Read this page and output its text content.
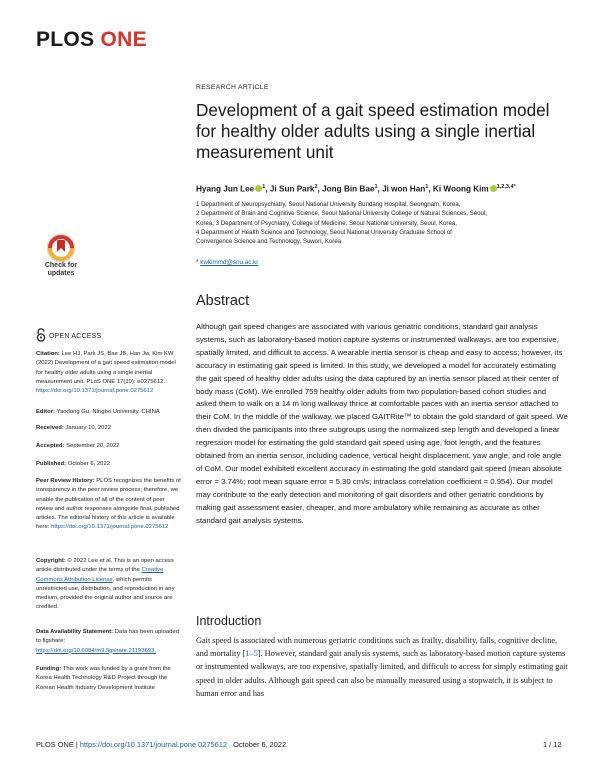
PLOS ONE
RESEARCH ARTICLE
Development of a gait speed estimation model for healthy older adults using a single inertial measurement unit
Hyang Jun Lee $^1$, Ji Sun Park$^2$, Jong Bin Bae$^1$, Ji won Han$^1$, Ki Woong Kim $^{1,2,3,4*}$
1 Department of Neuropsychiatry, Seoul National University Bundang Hospital, Seongnam, Korea,
2 Department of Brain and Cognitive Science, Seoul National University College of Natural Sciences, Seoul,
Korea, 3 Department of Psychiatry, College of Medicine, Seoul National University, Seoul, Korea,
4 Department of Health Science and Technology, Seoul National University Graduate School of
Convergence Science and Technology, Suwon, Korea
* kwkimmd@snu.ac.kr
Check for
updates
OPEN ACCESS
Citation: Lee HJ, Park JS, Bae JB, Han Jw, Kim KW (2022) Development of a gait speed estimation model for healthy older adults using a single inertial measurement unit. PLoS ONE 17(10): e0275612. https://doi.org/10.1371/journal.pone.0275612
Editor: Yaodong Gu, Ningbo University, CHINA
Received: January 10, 2022
Accepted: September 20, 2022
Published: October 6, 2022
Peer Review History: PLOS recognizes the benefits of transparency in the peer review process; therefore, we enable the publication of all of the content of peer review and author responses alongside final, published articles. The editorial history of this article is available here: https://doi.org/10.1371/journal.pone.0275612
Copyright: © 2022 Lee et al. This is an open access article distributed under the terms of the Creative Commons Attribution License, which permits unrestricted use, distribution, and reproduction in any medium, provided the original author and source are credited.
Data Availability Statement: Data has been uploaded to figshare: https://doi.org/10.6084/m9.figshare.21193693.
Funding: This work was funded by a grant from the Korea Health Technology R&D Project through the Korean Health Industry Development Institute
Abstract
Although gait speed changes are associated with various geriatric conditions, standard gait analysis systems, such as laboratory-based motion capture systems or instrumented walkways, are too expensive, spatially limited, and difficult to access. A wearable inertia sensor is cheap and easy to access; however, its accuracy in estimating gait speed is limited. In this study, we developed a model for accurately estimating the gait speed of healthy older adults using the data captured by an inertia sensor placed at their center of body mass (CoM). We enrolled 759 healthy older adults from two population-based cohort studies and asked them to walk on a 14 m long walkway thrice at comfortable paces with an inertia sensor attached to their CoM. In the middle of the walkway, we placed GAITRite™ to obtain the gold standard of gait speed. We then divided the participants into three subgroups using the normalized step length and developed a linear regression model for estimating the gold standard gait speed using age, foot length, and the features obtained from an inertia sensor, including cadence, vertical height displacement, yaw angle, and role angle of CoM. Our model exhibited excellent accuracy in estimating the gold standard gait speed (mean absolute error = 3.74%; root mean square error = 5.30 cm/s; intraclass correlation coefficient = 0.954). Our model may contribute to the early detection and monitoring of gait disorders and other geriatric conditions by making gait assessment easier, cheaper, and more ambulatory while remaining as accurate as other standard gait analysis systems.
Introduction
Gait speed is associated with numerous geriatric conditions such as frailty, disability, falls, cognitive decline, and mortality [1–5]. However, standard gait analysis systems, such as laboratory-based motion capture systems or instrumented walkways, are too expensive, spatially limited, and difficult to access for simply estimating gait speed in older adults. Although gait speed can also be manually measured using a stopwatch, it is subject to human error and has
PLOS ONE | https://doi.org/10.1371/journal.pone.0275612 October 6, 2022	1 / 12
